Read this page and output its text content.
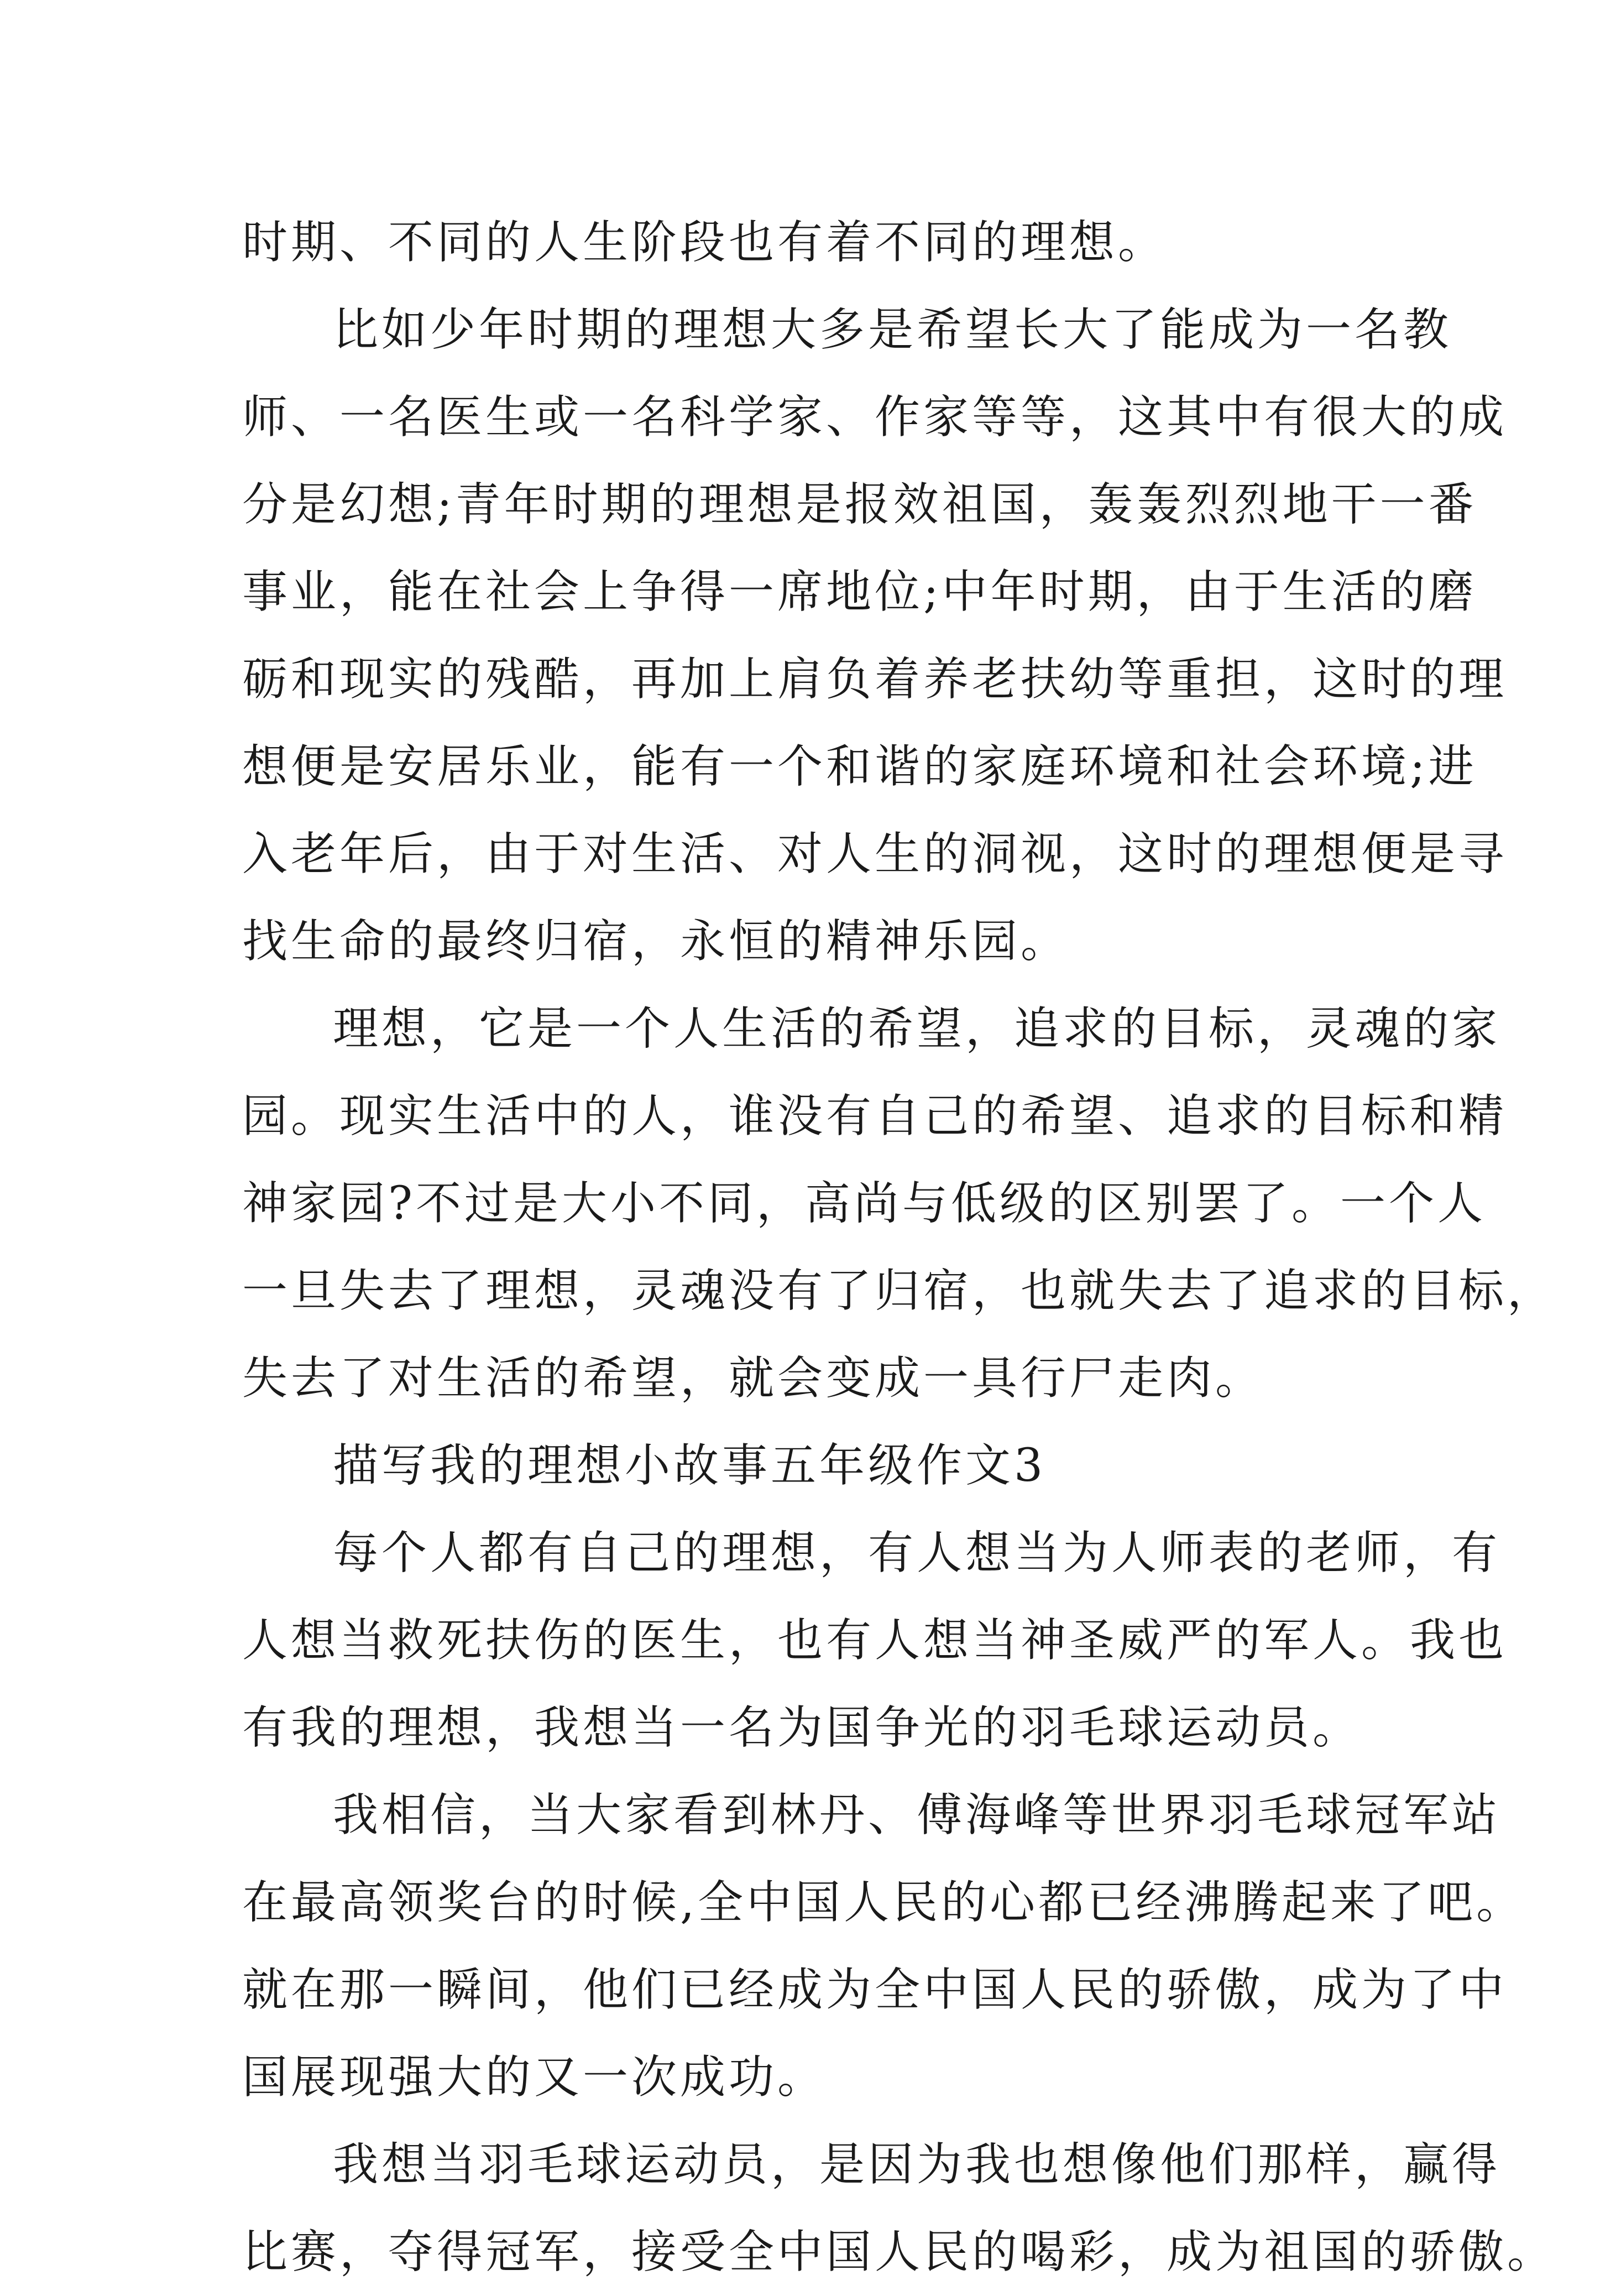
时期、不同的人生阶段也有着不同的理想。
比如少年时期的理想大多是希望长大了能成为一名教
师、一名医生或一名科学家、作家等等，这其中有很大的成
分是幻想;青年时期的理想是报效祖国，轰轰烈烈地干一番
事业，能在社会上争得一席地位;中年时期，由于生活的磨
砺和现实的残酷，再加上肩负着养老扶幼等重担，这时的理
想便是安居乐业，能有一个和谐的家庭环境和社会环境;进
入老年后，由于对生活、对人生的洞视，这时的理想便是寻
找生命的最终归宿，永恒的精神乐园。
理想，它是一个人生活的希望，追求的目标，灵魂的家
园。现实生活中的人，谁没有自己的希望、追求的目标和精
神家园?不过是大小不同，高尚与低级的区别罢了。一个人
一旦失去了理想，灵魂没有了归宿，也就失去了追求的目标，
失去了对生活的希望，就会变成一具行尸走肉。
描写我的理想小故事五年级作文3
每个人都有自己的理想，有人想当为人师表的老师，有
人想当救死扶伤的医生，也有人想当神圣威严的军人。我也
有我的理想，我想当一名为国争光的羽毛球运动员。
我相信，当大家看到林丹、傅海峰等世界羽毛球冠军站
在最高领奖台的时候,全中国人民的心都已经沸腾起来了吧。
就在那一瞬间，他们已经成为全中国人民的骄傲，成为了中
国展现强大的又一次成功。
我想当羽毛球运动员，是因为我也想像他们那样，赢得
比赛，夺得冠军，接受全中国人民的喝彩，成为祖国的骄傲。
